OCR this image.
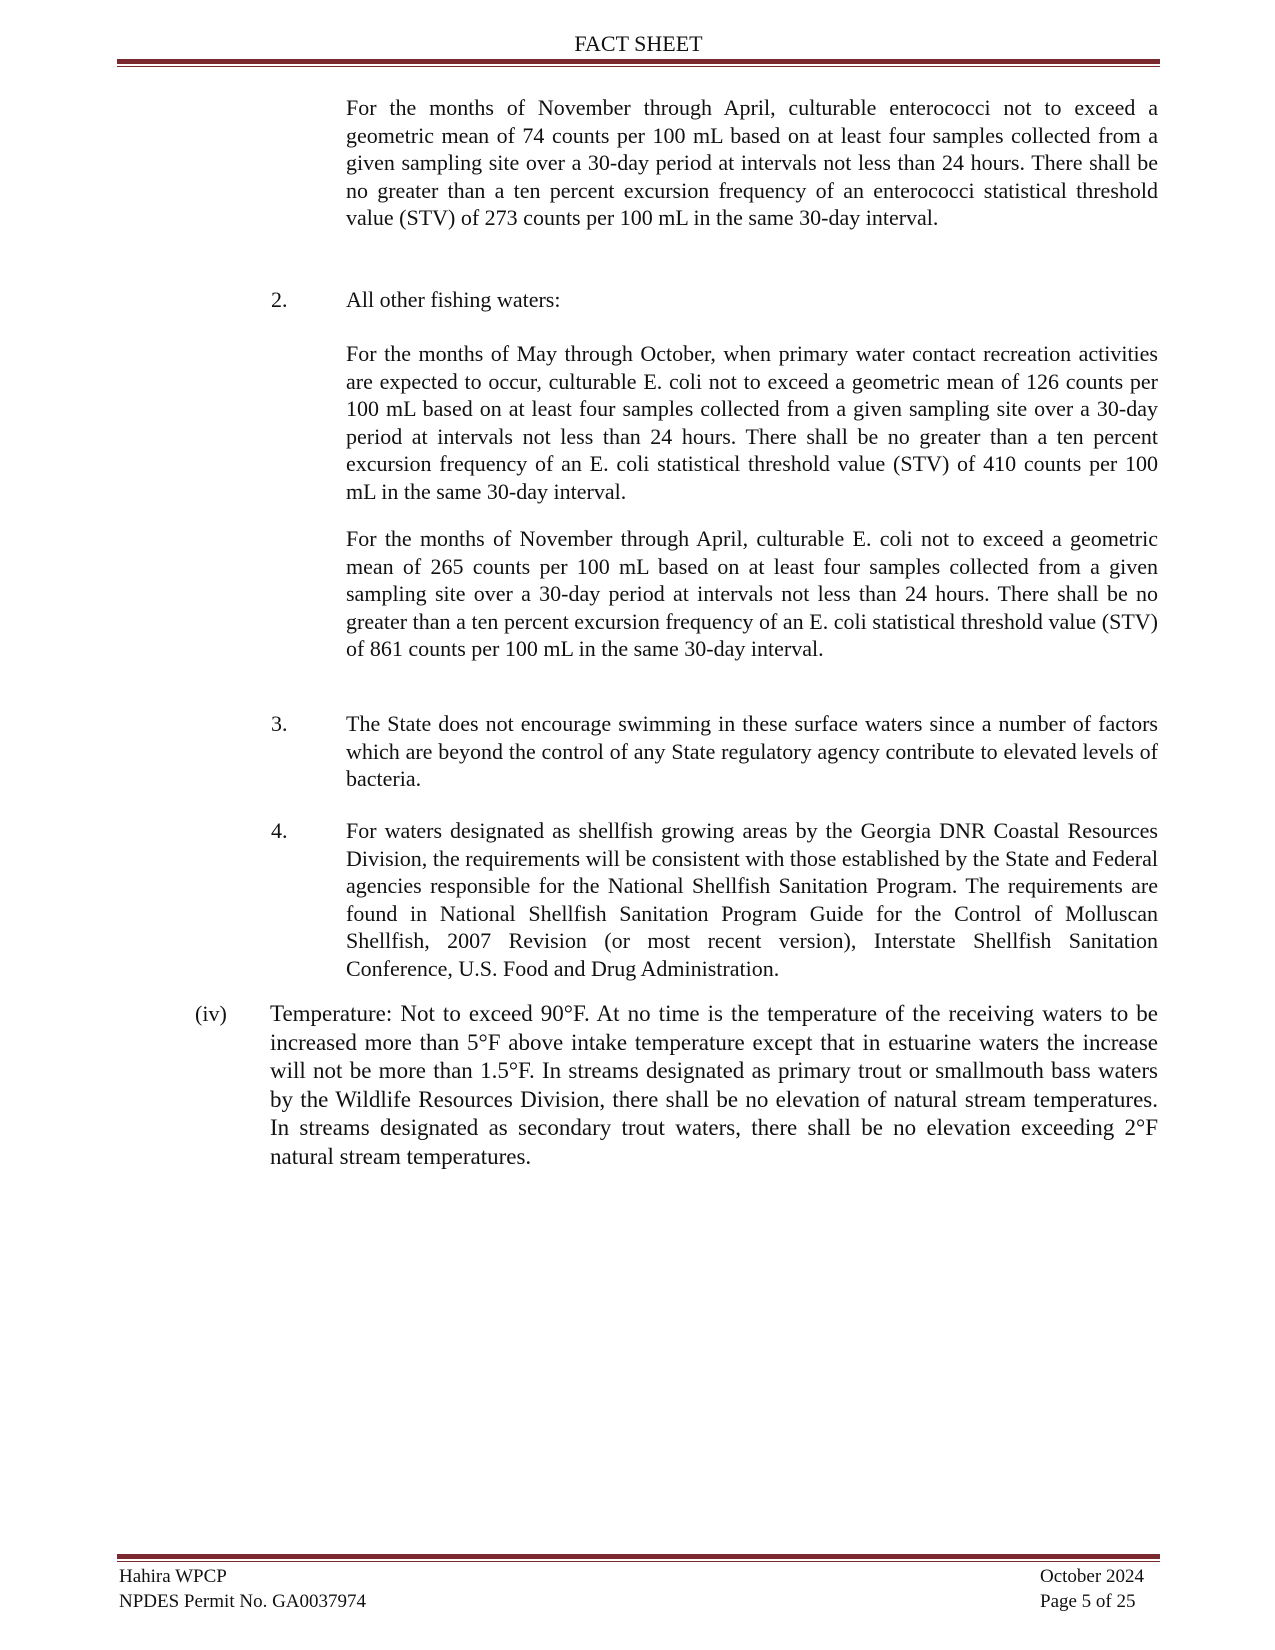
FACT SHEET

For the months of November through April, culturable enterococci not to exceed a geometric mean of 74 counts per 100 mL based on at least four samples collected from a given sampling site over a 30-day period at intervals not less than 24 hours. There shall be no greater than a ten percent excursion frequency of an enterococci statistical threshold value (STV) of 273 counts per 100 mL in the same 30-day interval.

2.	All other fishing waters:

For the months of May through October, when primary water contact recreation activities are expected to occur, culturable E. coli not to exceed a geometric mean of 126 counts per 100 mL based on at least four samples collected from a given sampling site over a 30-day period at intervals not less than 24 hours. There shall be no greater than a ten percent excursion frequency of an E. coli statistical threshold value (STV) of 410 counts per 100 mL in the same 30-day interval.

For the months of November through April, culturable E. coli not to exceed a geometric mean of 265 counts per 100 mL based on at least four samples collected from a given sampling site over a 30-day period at intervals not less than 24 hours. There shall be no greater than a ten percent excursion frequency of an E. coli statistical threshold value (STV) of 861 counts per 100 mL in the same 30-day interval.

3.	The State does not encourage swimming in these surface waters since a number of factors which are beyond the control of any State regulatory agency contribute to elevated levels of bacteria.

4.	For waters designated as shellfish growing areas by the Georgia DNR Coastal Resources Division, the requirements will be consistent with those established by the State and Federal agencies responsible for the National Shellfish Sanitation Program. The requirements are found in National Shellfish Sanitation Program Guide for the Control of Molluscan Shellfish, 2007 Revision (or most recent version), Interstate Shellfish Sanitation Conference, U.S. Food and Drug Administration.

(iv) Temperature: Not to exceed 90°F. At no time is the temperature of the receiving waters to be increased more than 5°F above intake temperature except that in estuarine waters the increase will not be more than 1.5°F. In streams designated as primary trout or smallmouth bass waters by the Wildlife Resources Division, there shall be no elevation of natural stream temperatures. In streams designated as secondary trout waters, there shall be no elevation exceeding 2°F natural stream temperatures.

Hahira WPCP	October 2024
NPDES Permit No. GA0037974	Page 5 of 25
